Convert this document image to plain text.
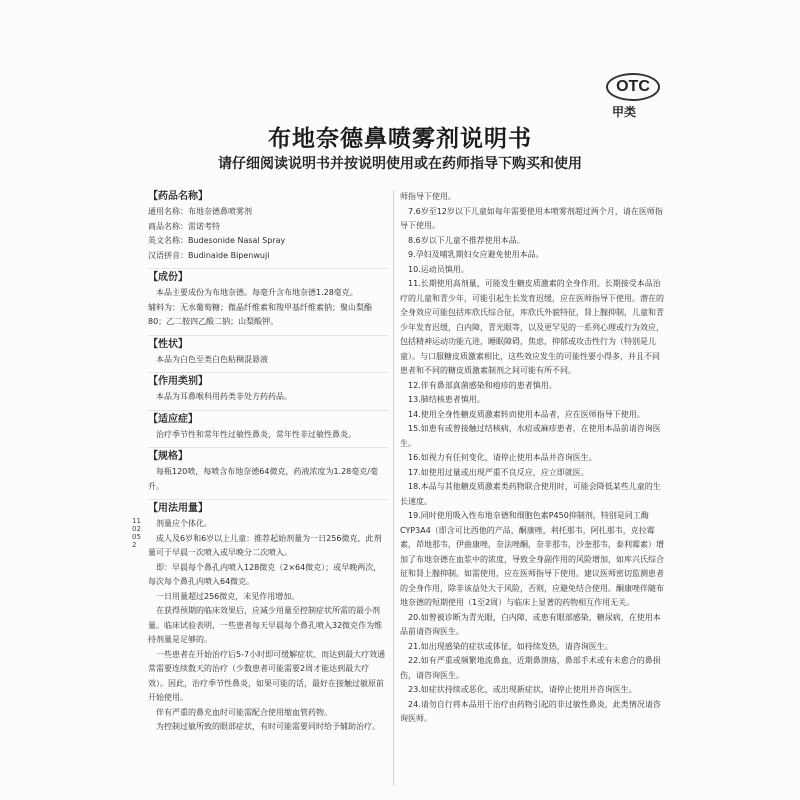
OTC
甲类
布地奈德鼻喷雾剂说明书
请仔细阅读说明书并按说明使用或在药师指导下购买和使用
1102052
【药品名称】
通用名称：布地奈德鼻喷雾剂
商品名称：雷诺考特
英文名称：Budesonide Nasal Spray
汉语拼音：Budinaide Bipenwuji
【成份】
本品主要成份为布地奈德。每毫升含布地奈德1.28毫克。
辅料为：无水葡萄糖；微晶纤维素和羧甲基纤维素钠；聚山梨酯80；乙二胺四乙酸二钠；山梨酸钾。
【性状】
本品为白色至类白色粘稠混悬液
【作用类别】
本品为耳鼻喉科用药类非处方药药品。
【适应症】
治疗季节性和常年性过敏性鼻炎，常年性非过敏性鼻炎。
【规格】
每瓶120喷，每喷含布地奈德64微克，药液浓度为1.28毫克/毫升。
【用法用量】
剂量应个体化。
成人及6岁和6岁以上儿童：推荐起始剂量为一日256微克，此剂量可于早晨一次喷入或早晚分二次喷入。
即：早晨每个鼻孔内喷入128微克（2×64微克）；或早晚两次，每次每个鼻孔内喷入64微克。
一日用量超过256微克，未见作用增加。
在获得预期的临床效果后，应减少用量至控制症状所需的最小剂量。临床试验表明，一些患者每天早晨每个鼻孔喷入32微克作为维持剂量是足够的。
一些患者在开始治疗后5-7小时即可缓解症状、而达到最大疗效通常需要连续数天的治疗（少数患者可能需要2周才能达到最大疗效）。因此，治疗季节性鼻炎，如果可能的话，最好在接触过敏原前开始使用。
伴有严重的鼻充血时可能需配合使用缩血管药物。
为控制过敏所致的眼部症状，有时可能需要同时给予辅助治疗。
师指导下使用。
7.6岁至12岁以下儿童如每年需要使用本喷雾剂超过两个月，请在医师指导下使用。
8.6岁以下儿童不推荐使用本品。
9.孕妇及哺乳期妇女应避免使用本品。
10.运动员慎用。
11.长期使用高剂量，可能发生糖皮质激素的全身作用。长期接受本品治疗的儿童和青少年，可能引起生长发育迟缓，应在医师指导下使用。潜在的全身效应可能包括库欣氏综合征，库欣氏外貌特征，肾上腺抑制，儿童和青少年发育迟缓，白内障，青光眼等，以及更罕见的一系列心理或行为效应，包括精神运动功能亢进，睡眠障碍，焦虑，抑郁或攻击性行为（特别是儿童）。与口服糖皮质激素相比，这些效应发生的可能性要小得多，并且不同患者和不同的糖皮质激素制剂之间可能有所不同。
12.伴有鼻部真菌感染和疱疹的患者慎用。
13.肺结核患者慎用。
14.使用全身性糖皮质激素转而使用本品者，应在医师指导下使用。
15.如患有或曾接触过结核病，水痘或麻疹患者，在使用本品前请咨询医生。
16.如视力有任何变化，请停止使用本品并咨询医生。
17.如使用过量或出现严重不良反应，应立即就医。
18.本品与其他糖皮质激素类药物联合使用时，可能会降低某些儿童的生长速度。
19.同时使用吸入性布地奈德和细胞色素P450抑制剂，特别是同工酶CYP3A4（即含可比西他的产品，酮康唑，利托那韦，阿扎那韦，克拉霉素，茚地那韦，伊曲康唑，奈法唑酮，奈非那韦，沙奎那韦，泰利霉素）增加了布地奈德在血浆中的浓度，导致全身副作用的风险增加，如库兴氏综合征和肾上腺抑制。如需使用，应在医师指导下使用。建议医师密切监测患者的全身作用，除非该益处大于风险，否则，应避免结合使用。酮康唑伴随布地奈德的短期使用（1至2周）与临床上显著的药物相互作用无关。
20.如曾被诊断为青光眼，白内障，或患有眼部感染，糖尿病，在使用本品前请咨询医生。
21.如出现感染的症状或体征，如持续发热，请咨询医生。
22.如有严重或频繁地流鼻血，近期鼻溃疡，鼻部手术或有未愈合的鼻损伤，请咨询医生。
23.如症状持续或恶化，或出现新症状，请停止使用并咨询医生。
24.请勿自行将本品用于治疗由药物引起的非过敏性鼻炎，此类情况请咨询医师。
